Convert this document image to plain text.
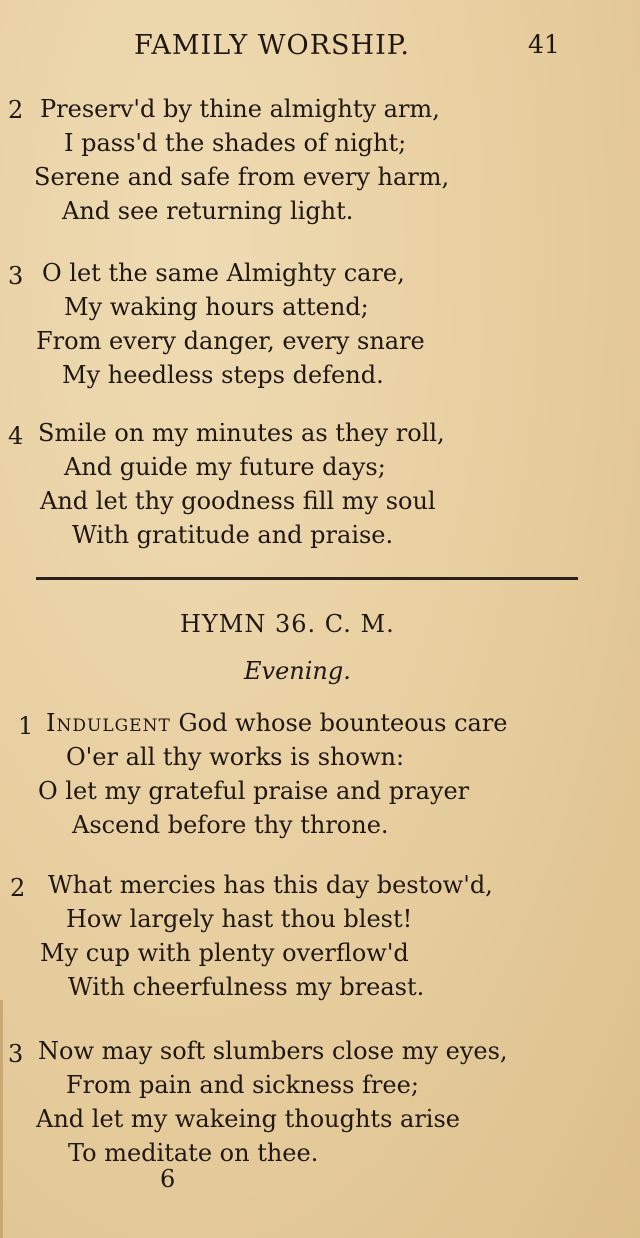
FAMILY WORSHIP.	41
2 Preserv'd by thine almighty arm,
I pass'd the shades of night;
Serene and safe from every harm,
And see returning light.
3 O let the same Almighty care,
My waking hours attend;
From every danger, every snare
My heedless steps defend.
4 Smile on my minutes as they roll,
And guide my future days;
And let thy goodness fill my soul
With gratitude and praise.
HYMN 36. C. M.
Evening.
1 Indulgent God whose bounteous care
O'er all thy works is shown:
O let my grateful praise and prayer
Ascend before thy throne.
2 What mercies has this day bestow'd,
How largely hast thou blest!
My cup with plenty overflow'd
With cheerfulness my breast.
3 Now may soft slumbers close my eyes,
From pain and sickness free;
And let my wakeing thoughts arise
To meditate on thee.
6
